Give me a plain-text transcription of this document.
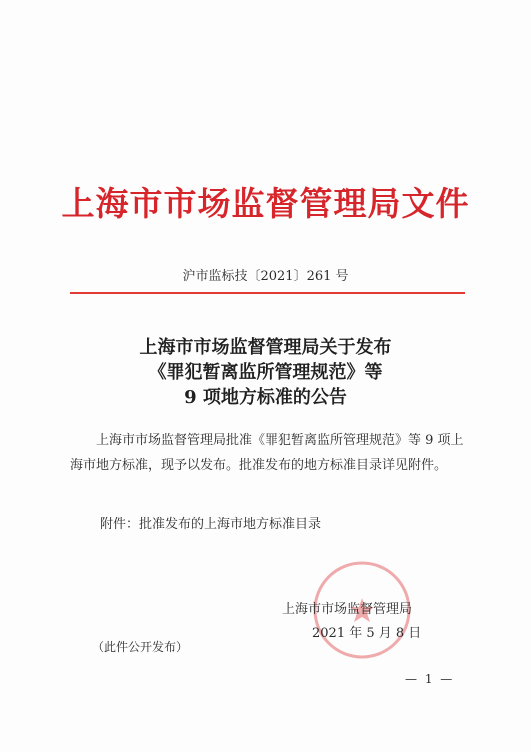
上海市市场监督管理局文件
沪市监标技〔2021〕261 号
上海市市场监督管理局关于发布
《罪犯暂离监所管理规范》等
9 项地方标准的公告
上海市市场监督管理局批准《罪犯暂离监所管理规范》等 9 项上海市地方标准，现予以发布。批准发布的地方标准目录详见附件。
附件：批准发布的上海市地方标准目录
上海市市场监督管理局
2021 年 5 月 8 日
（此件公开发布）
— 1 —
